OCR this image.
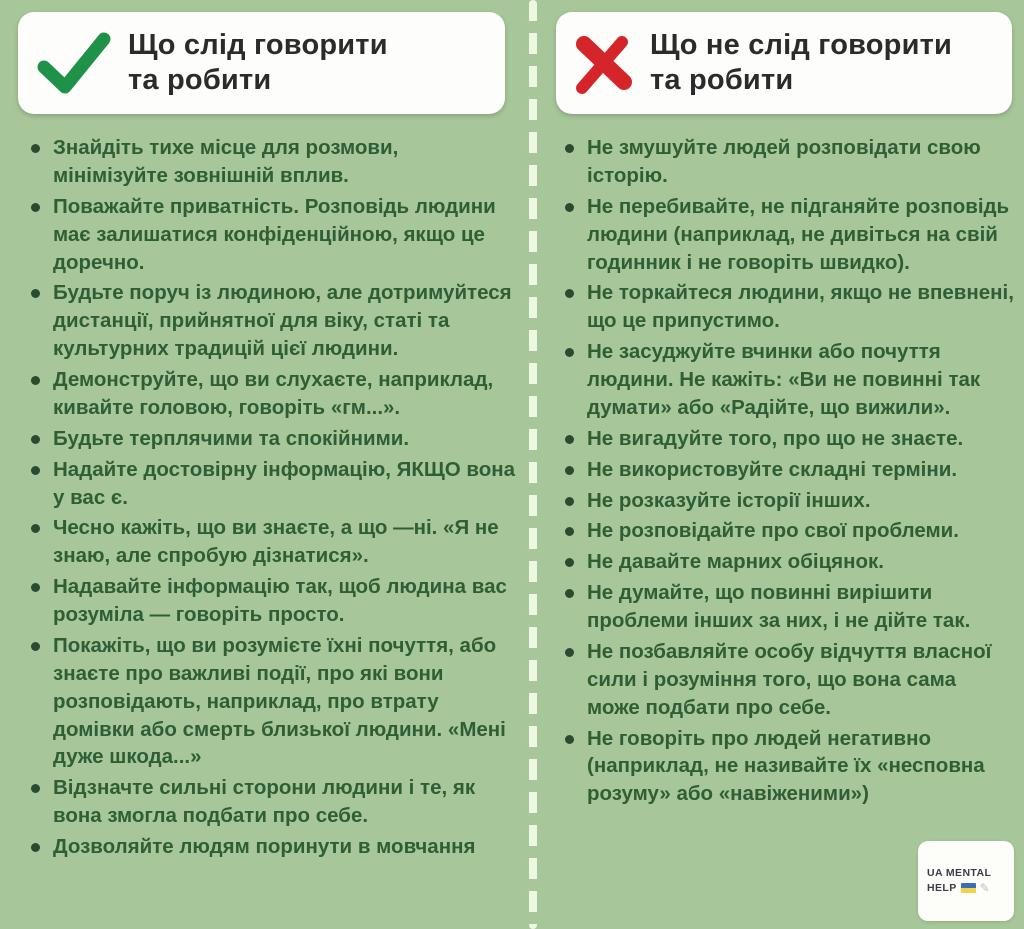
Що слід говорити
та робити
Знайдіть тихе місце для розмови, мінімізуйте зовнішній вплив.
Поважайте приватність. Розповідь людини має залишатися конфіденційною, якщо це доречно.
Будьте поруч із людиною, але дотримуйтеся дистанції, прийнятної для віку, статі та культурних традицій цієї людини.
Демонструйте, що ви слухаєте, наприклад, кивайте головою, говоріть «гм...».
Будьте терплячими та спокійними.
Надайте достовірну інформацію, ЯКЩО вона у вас є.
Чесно кажіть, що ви знаєте, а що —ні. «Я не знаю, але спробую дізнатися».
Надавайте інформацію так, щоб людина вас розуміла — говоріть просто.
Покажіть, що ви розумієте їхні почуття, або знаєте про важливі події, про які вони розповідають, наприклад, про втрату домівки або смерть близької людини. «Мені дуже шкода...»
Відзначте сильні сторони людини і те, як вона змогла подбати про себе.
Дозволяйте людям поринути в мовчання
Що не слід говорити
та робити
Не змушуйте людей розповідати свою історію.
Не перебивайте, не підганяйте розповідь людини (наприклад, не дивіться на свій годинник і не говоріть швидко).
Не торкайтеся людини, якщо не впевнені, що це припустимо.
Не засуджуйте вчинки або почуття людини. Не кажіть: «Ви не повинні так думати» або «Радійте, що вижили».
Не вигадуйте того, про що не знаєте.
Не використовуйте складні терміни.
Не розказуйте історії інших.
Не розповідайте про свої проблеми.
Не давайте марних обіцянок.
Не думайте, що повинні вирішити проблеми інших за них, і не дійте так.
Не позбавляйте особу відчуття власної сили і розуміння того, що вона сама може подбати про себе.
Не говоріть про людей негативно (наприклад, не називайте їх «несповна розуму» або «навіженими»)
UA MENTAL
HELP ✎
